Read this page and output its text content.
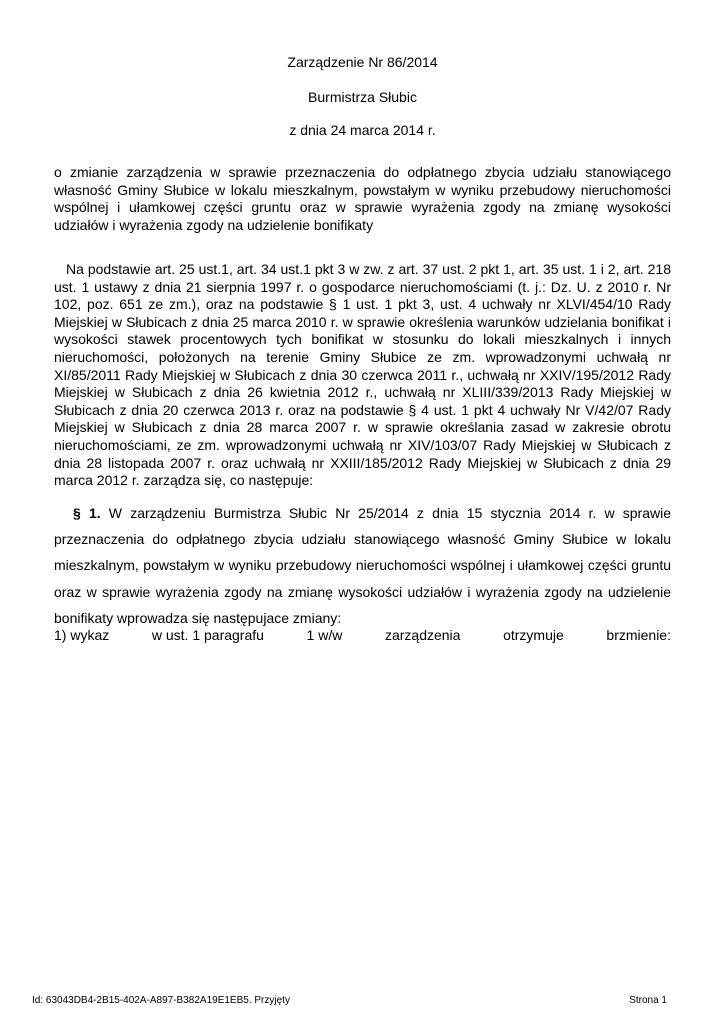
Zarządzenie Nr 86/2014
Burmistrza Słubic
z dnia 24 marca 2014 r.
o zmianie zarządzenia w sprawie przeznaczenia do odpłatnego zbycia udziału stanowiącego własność Gminy Słubice w lokalu mieszkalnym, powstałym w wyniku przebudowy nieruchomości wspólnej i ułamkowej części gruntu oraz w sprawie wyrażenia zgody na zmianę wysokości udziałów i wyrażenia zgody na udzielenie bonifikaty
Na podstawie art. 25 ust.1, art. 34 ust.1 pkt 3 w zw. z art. 37 ust. 2 pkt 1, art. 35 ust. 1 i 2, art. 218 ust. 1 ustawy z dnia 21 sierpnia 1997 r. o gospodarce nieruchomościami (t. j.: Dz. U. z 2010 r. Nr 102, poz. 651 ze zm.), oraz na podstawie § 1 ust. 1 pkt 3, ust. 4 uchwały nr XLVI/454/10 Rady Miejskiej w Słubicach z dnia 25 marca 2010 r. w sprawie określenia warunków udzielania bonifikat i wysokości stawek procentowych tych bonifikat w stosunku do lokali mieszkalnych i innych nieruchomości, położonych na terenie Gminy Słubice ze zm. wprowadzonymi uchwałą nr XI/85/2011 Rady Miejskiej w Słubicach z dnia 30 czerwca 2011 r., uchwałą nr XXIV/195/2012 Rady Miejskiej w Słubicach z dnia 26 kwietnia 2012 r., uchwałą nr XLIII/339/2013 Rady Miejskiej w Słubicach z dnia 20 czerwca 2013 r. oraz na podstawie § 4 ust. 1 pkt 4 uchwały Nr V/42/07 Rady Miejskiej w Słubicach z dnia 28 marca 2007 r. w sprawie określania zasad w zakresie obrotu nieruchomościami, ze zm. wprowadzonymi uchwałą nr XIV/103/07 Rady Miejskiej w Słubicach z dnia 28 listopada 2007 r. oraz uchwałą nr XXIII/185/2012 Rady Miejskiej w Słubicach z dnia 29 marca 2012 r. zarządza się, co następuje:
§ 1. W zarządzeniu Burmistrza Słubic Nr 25/2014 z dnia 15 stycznia 2014 r. w sprawie przeznaczenia do odpłatnego zbycia udziału stanowiącego własność Gminy Słubice w lokalu mieszkalnym, powstałym w wyniku przebudowy nieruchomości wspólnej i ułamkowej części gruntu oraz w sprawie wyrażenia zgody na zmianę wysokości udziałów i wyrażenia zgody na udzielenie bonifikaty wprowadza się następujace zmiany:
1) wykaz	w ust. 1 paragrafu	1 w/w	zarządzenia	otrzymuje	brzmienie:
Id: 63043DB4-2B15-402A-A897-B382A19E1EB5. Przyjęty	Strona 1
